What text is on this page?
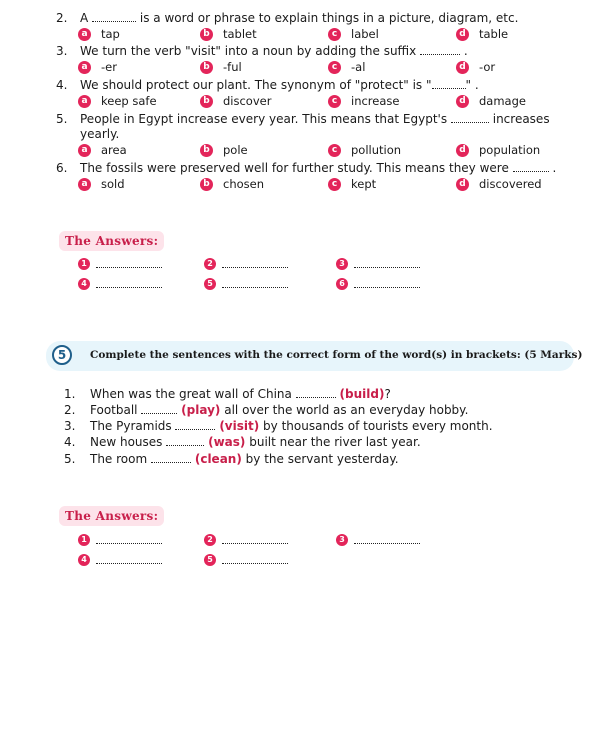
2. A	is a word or phrase to explain things in a picture, diagram, etc.
a	tap	b tablet	c	label	d table
3. We turn the verb "visit" into a noun by adding the suffix	.
a	-er	b -ful	c	-al	d -or
4. We should protect our plant. The synonym of "protect" is "	" .
a	keep safe	b discover	c	increase	d damage
5. People in Egypt increase every year. This means that Egypt's	increases
yearly.
a	area	b pole	c	pollution	d population
6. The fossils were preserved well for further study. This means they were	.
a	sold	b chosen	c	kept	d discovered
The Answers:
1	2	3
4	5	6
5	Complete the sentences with the correct form of the word(s) in brackets: (5 Marks)
1. When was the great wall of China	(build)?
2. Football	(play) all over the world as an everyday hobby.
3. The Pyramids	(visit) by thousands of tourists every month.
4. New houses	(was) built near the river last year.
5. The room	(clean) by the servant yesterday.
The Answers:
1	2	3
4	5
